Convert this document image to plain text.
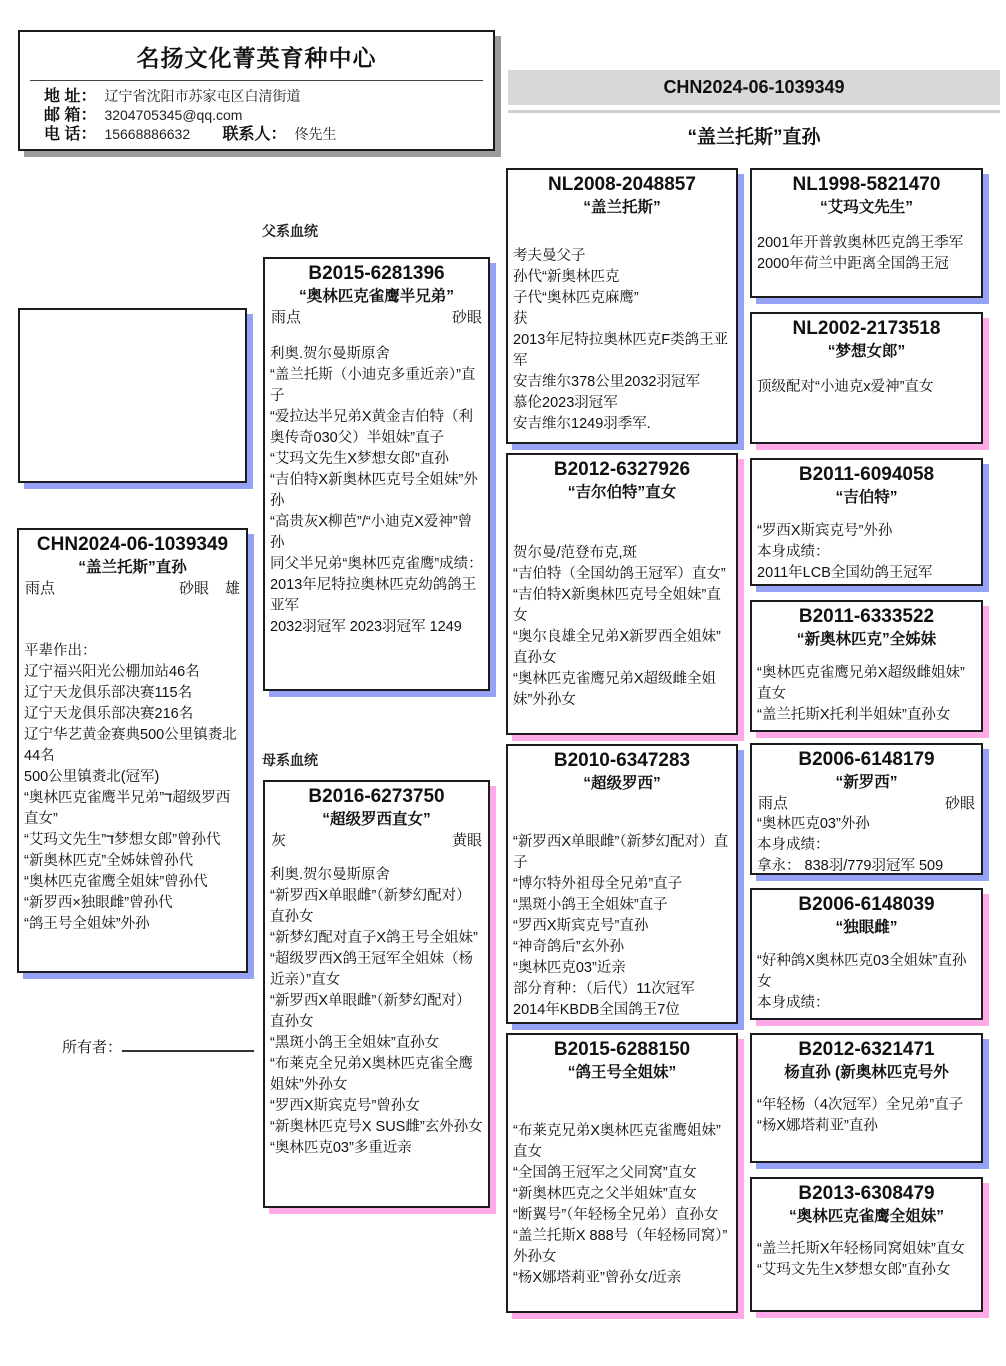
名扬文化菁英育种中心
地 址： 辽宁省沈阳市苏家屯区白清街道
邮 箱： 3204705345@qq.com
电 话： 15668886632 联系人： 佟先生
CHN2024-06-1039349
“盖兰托斯”直孙
父系血统
母系血统
CHN2024-06-1039349
“盖兰托斯”直孙
雨点	砂眼 雄
平辈作出：
辽宁福兴阳光公棚加站46名
辽宁天龙俱乐部决赛115名
辽宁天龙俱乐部决赛216名
辽宁华艺黄金赛典500公里镇赉北44名
500公里镇赉北(冠军)
“奥林匹克雀鹰半兄弟”ד超级罗西直女”
“艾玛文先生”ד梦想女郎”曾孙代
“新奥林匹克”全姊妹曾孙代
“奥林匹克雀鹰全姐妹”曾孙代
“新罗西×独眼雌”曾孙代
“鸽王号全姐妹”外孙
B2015-6281396
“奥林匹克雀鹰半兄弟”
雨点	砂眼
利奥.贺尔曼斯原舍
“盖兰托斯（小迪克多重近亲）”直子
“爱拉达半兄弟X黄金吉伯特（利奥传奇030父）半姐妹”直子
“艾玛文先生X梦想女郎”直孙
“吉伯特X新奥林匹克号全姐妹”外孙
“高贵灰X柳芭”/“小迪克X爱神”曾孙
同父半兄弟“奥林匹克雀鹰”成绩：
2013年尼特拉奥林匹克幼鸽鸽王亚军
2032羽冠军 2023羽冠军 1249
B2016-6273750
“超级罗西直女”
灰	黄眼
利奥.贺尔曼斯原舍
“新罗西X单眼雌”（新梦幻配对）直孙女
“新梦幻配对直子X鸽王号全姐妹”
“超级罗西X鸽王冠军全姐妹（杨近亲）”直女
“新罗西X单眼雌”（新梦幻配对）直孙女
“黑斑小鸽王全姐妹”直孙女
“布莱克全兄弟X奥林匹克雀全鹰姐妹”外孙女
“罗西X斯宾克号”曾孙女
“新奥林匹克号X SUS雌”玄外孙女
“奥林匹克03”多重近亲
NL2008-2048857
“盖兰托斯”
考夫曼父子
孙代“新奥林匹克
子代“奥林匹克麻鹰”
获
2013年尼特拉奥林匹克F类鸽王亚军
安吉维尔378公里2032羽冠军
慕伦2023羽冠军
安吉维尔1249羽季军.
B2012-6327926
“吉尔伯特”直女
贺尔曼/范登布克,斑
“吉伯特（全国幼鸽王冠军）直女”
“吉伯特X新奥林匹克号全姐妹”直女
“奥尔良雄全兄弟X新罗西全姐妹”直孙女
“奥林匹克雀鹰兄弟X超级雌全姐妹”外孙女
B2010-6347283
“超级罗西”
“新罗西X单眼雌”（新梦幻配对）直子
“博尔特外祖母全兄弟”直子
“黑斑小鸽王全姐妹”直子
“罗西X斯宾克号”直孙
“神奇鸽后”玄外孙
“奥林匹克03”近亲
部分育种：（后代）11次冠军
2014年KBDB全国鸽王7位
B2015-6288150
“鸽王号全姐妹”
“布莱克兄弟X奥林匹克雀鹰姐妹”直女
“全国鸽王冠军之父同窝”直女
“新奥林匹克之父半姐妹”直女
“断翼号”（年轻杨全兄弟）直孙女
“盖兰托斯X 888号（年轻杨同窝）”外孙女
“杨X娜塔莉亚”曾孙女/近亲
NL1998-5821470
“艾玛文先生”
2001年开普敦奥林匹克鸽王季军
2000年荷兰中距离全国鸽王冠
NL2002-2173518
“梦想女郎”
顶级配对“小迪克x爱神”直女
B2011-6094058
“吉伯特”
“罗西X斯宾克号”外孙
本身成绩：
2011年LCB全国幼鸽王冠军
B2011-6333522
“新奥林匹克”全姊妹
“奥林匹克雀鹰兄弟X超级雌姐妹”直女
“盖兰托斯X托利半姐妹”直孙女
B2006-6148179
“新罗西”
雨点	砂眼
“奥林匹克03”外孙
本身成绩：
拿永： 838羽/779羽冠军 509
B2006-6148039
“独眼雌”
“好种鸽X奥林匹克03全姐妹”直孙女
本身成绩：
B2012-6321471
杨直孙 (新奥林匹克号外
“年轻杨（4次冠军）全兄弟”直子
“杨X娜塔莉亚”直孙
B2013-6308479
“奥林匹克雀鹰全姐妹”
“盖兰托斯X年轻杨同窝姐妹”直女
“艾玛文先生X梦想女郎”直孙女
所有者：
